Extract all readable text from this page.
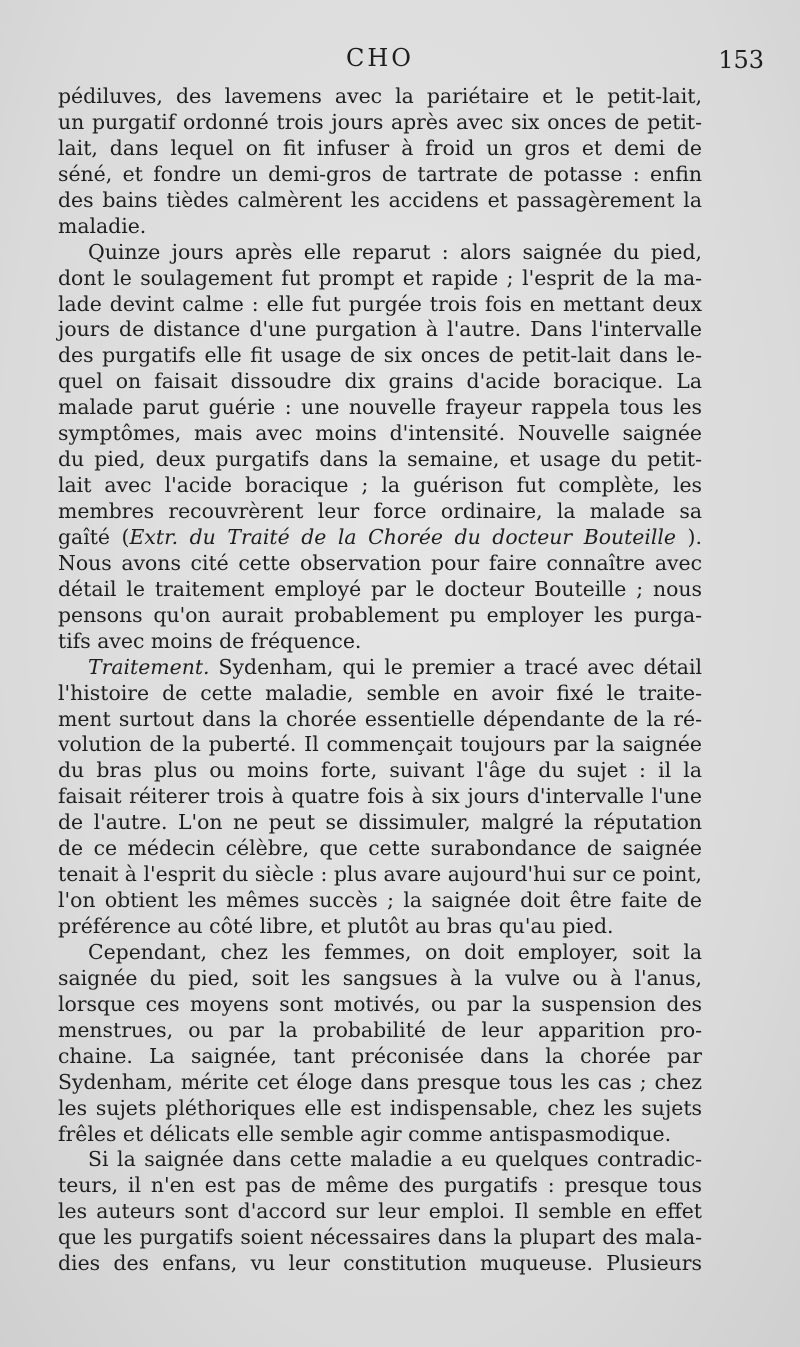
CHO	153
pédiluves, des lavemens avec la pariétaire et le petit-lait,
un purgatif ordonné trois jours après avec six onces de petit-
lait, dans lequel on fit infuser à froid un gros et demi de
séné, et fondre un demi-gros de tartrate de potasse : enfin
des bains tièdes calmèrent les accidens et passagèrement la
maladie.
Quinze jours après elle reparut : alors saignée du pied,
dont le soulagement fut prompt et rapide ; l'esprit de la ma-
lade devint calme : elle fut purgée trois fois en mettant deux
jours de distance d'une purgation à l'autre. Dans l'intervalle
des purgatifs elle fit usage de six onces de petit-lait dans le-
quel on faisait dissoudre dix grains d'acide boracique. La
malade parut guérie : une nouvelle frayeur rappela tous les
symptômes, mais avec moins d'intensité. Nouvelle saignée
du pied, deux purgatifs dans la semaine, et usage du petit-
lait avec l'acide boracique ; la guérison fut complète, les
membres recouvrèrent leur force ordinaire, la malade sa
gaîté (Extr. du Traité de la Chorée du docteur Bouteille ).
Nous avons cité cette observation pour faire connaître avec
détail le traitement employé par le docteur Bouteille ; nous
pensons qu'on aurait probablement pu employer les purga-
tifs avec moins de fréquence.
Traitement. Sydenham, qui le premier a tracé avec détail
l'histoire de cette maladie, semble en avoir fixé le traite-
ment surtout dans la chorée essentielle dépendante de la ré-
volution de la puberté. Il commençait toujours par la saignée
du bras plus ou moins forte, suivant l'âge du sujet : il la
faisait réiterer trois à quatre fois à six jours d'intervalle l'une
de l'autre. L'on ne peut se dissimuler, malgré la réputation
de ce médecin célèbre, que cette surabondance de saignée
tenait à l'esprit du siècle : plus avare aujourd'hui sur ce point,
l'on obtient les mêmes succès ; la saignée doit être faite de
préférence au côté libre, et plutôt au bras qu'au pied.
Cependant, chez les femmes, on doit employer, soit la
saignée du pied, soit les sangsues à la vulve ou à l'anus,
lorsque ces moyens sont motivés, ou par la suspension des
menstrues, ou par la probabilité de leur apparition pro-
chaine. La saignée, tant préconisée dans la chorée par
Sydenham, mérite cet éloge dans presque tous les cas ; chez
les sujets pléthoriques elle est indispensable, chez les sujets
frêles et délicats elle semble agir comme antispasmodique.
Si la saignée dans cette maladie a eu quelques contradic-
teurs, il n'en est pas de même des purgatifs : presque tous
les auteurs sont d'accord sur leur emploi. Il semble en effet
que les purgatifs soient nécessaires dans la plupart des mala-
dies des enfans, vu leur constitution muqueuse. Plusieurs
